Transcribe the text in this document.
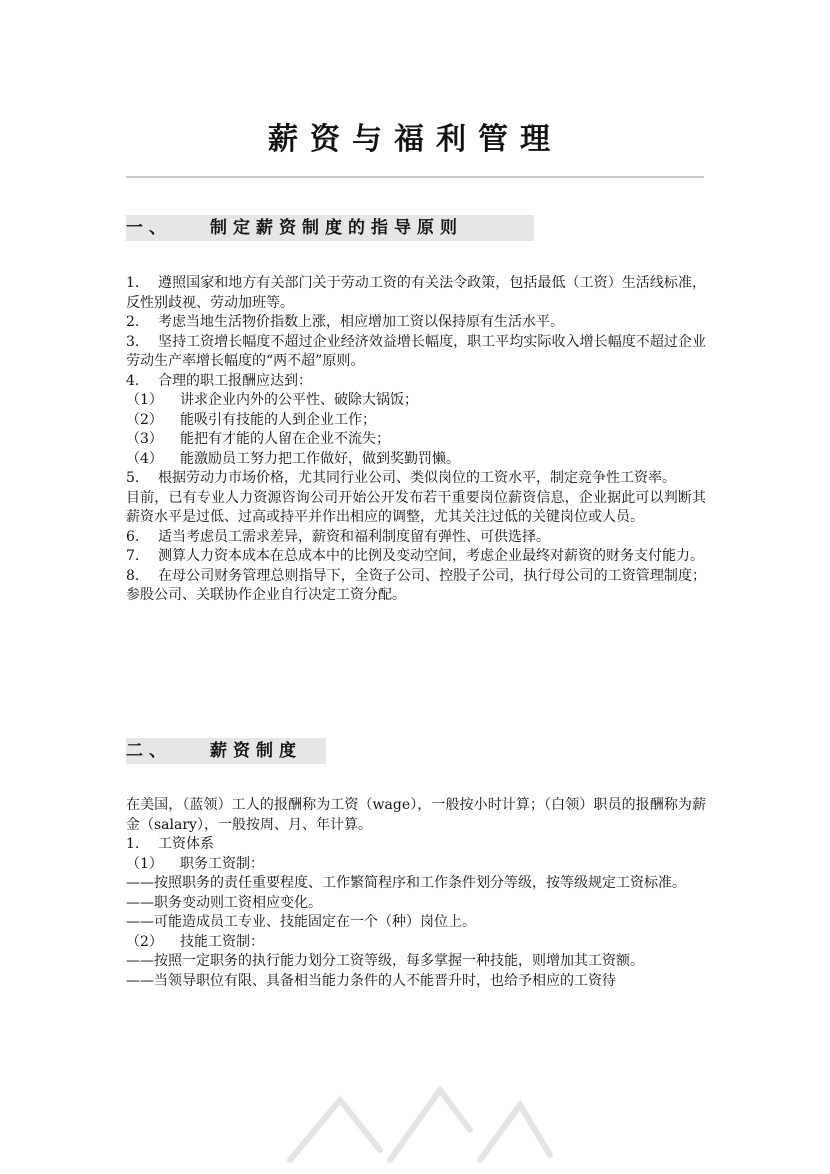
薪资与福利管理
一、 制定薪资制度的指导原则

1. 遵照国家和地方有关部门关于劳动工资的有关法令政策，包括最低（工资）生活线标准，反性别歧视、劳动加班等。

2. 考虑当地生活物价指数上涨，相应增加工资以保持原有生活水平。

3. 坚持工资增长幅度不超过企业经济效益增长幅度，职工平均实际收入增长幅度不超过企业劳动生产率增长幅度的“两不超”原则。

4. 合理的职工报酬应达到：

（1） 讲求企业内外的公平性、破除大锅饭；

（2） 能吸引有技能的人到企业工作；

（3） 能把有才能的人留在企业不流失；

（4） 能激励员工努力把工作做好，做到奖勤罚懒。

5. 根据劳动力市场价格，尤其同行业公司、类似岗位的工资水平，制定竞争性工资率。

目前，已有专业人力资源咨询公司开始公开发布若干重要岗位薪资信息，企业据此可以判断其薪资水平是过低、过高或持平并作出相应的调整，尤其关注过低的关键岗位或人员。

6. 适当考虑员工需求差异，薪资和福利制度留有弹性、可供选择。

7. 测算人力资本成本在总成本中的比例及变动空间，考虑企业最终对薪资的财务支付能力。

8. 在母公司财务管理总则指导下，全资子公司、控股子公司，执行母公司的工资管理制度；参股公司、关联协作企业自行决定工资分配。

二、 薪资制度

在美国，（蓝领）工人的报酬称为工资（wage），一般按小时计算；（白领）职员的报酬称为薪金（salary），一般按周、月、年计算。

1. 工资体系

（1） 职务工资制：

——按照职务的责任重要程度、工作繁简程序和工作条件划分等级，按等级规定工资标准。

——职务变动则工资相应变化。

——可能造成员工专业、技能固定在一个（种）岗位上。

（2） 技能工资制：

——按照一定职务的执行能力划分工资等级，每多掌握一种技能，则增加其工资额。

——当领导职位有限、具备相当能力条件的人不能晋升时，也给予相应的工资待
